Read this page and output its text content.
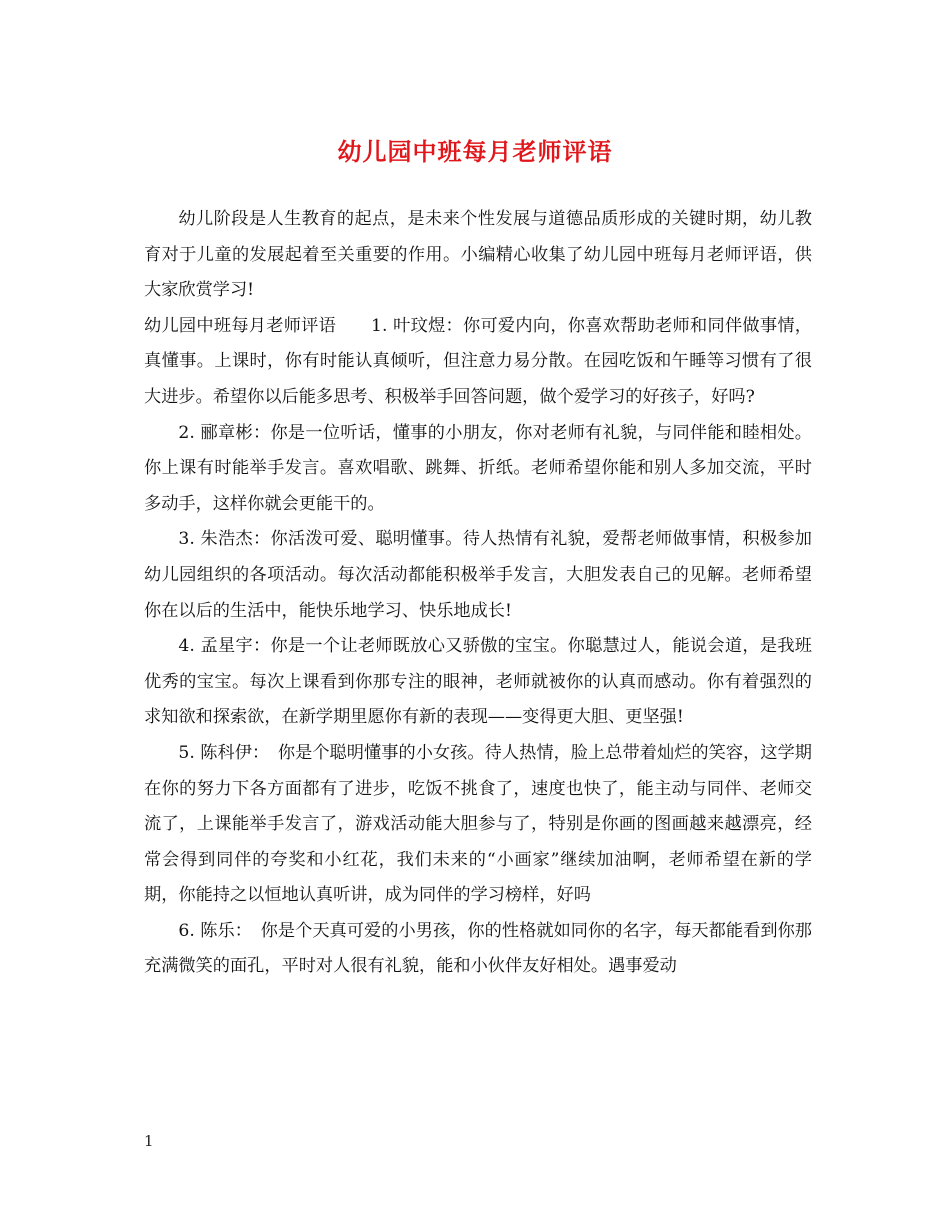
幼儿园中班每月老师评语

幼儿阶段是人生教育的起点，是未来个性发展与道德品质形成的关键时期，幼儿教育对于儿童的发展起着至关重要的作用。小编精心收集了幼儿园中班每月老师评语，供大家欣赏学习!

幼儿园中班每月老师评语　　1. 叶玟煜：你可爱内向，你喜欢帮助老师和同伴做事情，真懂事。上课时，你有时能认真倾听，但注意力易分散。在园吃饭和午睡等习惯有了很大进步。希望你以后能多思考、积极举手回答问题，做个爱学习的好孩子，好吗?

2. 郦章彬：你是一位听话，懂事的小朋友，你对老师有礼貌，与同伴能和睦相处。你上课有时能举手发言。喜欢唱歌、跳舞、折纸。老师希望你能和别人多加交流，平时多动手，这样你就会更能干的。

3. 朱浩杰：你活泼可爱、聪明懂事。待人热情有礼貌，爱帮老师做事情，积极参加幼儿园组织的各项活动。每次活动都能积极举手发言，大胆发表自己的见解。老师希望你在以后的生活中，能快乐地学习、快乐地成长!

4. 孟星宇：你是一个让老师既放心又骄傲的宝宝。你聪慧过人，能说会道，是我班优秀的宝宝。每次上课看到你那专注的眼神，老师就被你的认真而感动。你有着强烈的求知欲和探索欲，在新学期里愿你有新的表现——变得更大胆、更坚强!

5. 陈科伊：　你是个聪明懂事的小女孩。待人热情，脸上总带着灿烂的笑容，这学期在你的努力下各方面都有了进步，吃饭不挑食了，速度也快了，能主动与同伴、老师交流了，上课能举手发言了，游戏活动能大胆参与了，特别是你画的图画越来越漂亮，经常会得到同伴的夸奖和小红花，我们未来的“小画家”继续加油啊，老师希望在新的学期，你能持之以恒地认真听讲，成为同伴的学习榜样，好吗

6. 陈乐：　你是个天真可爱的小男孩，你的性格就如同你的名字，每天都能看到你那充满微笑的面孔，平时对人很有礼貌，能和小伙伴友好相处。遇事爱动

1
